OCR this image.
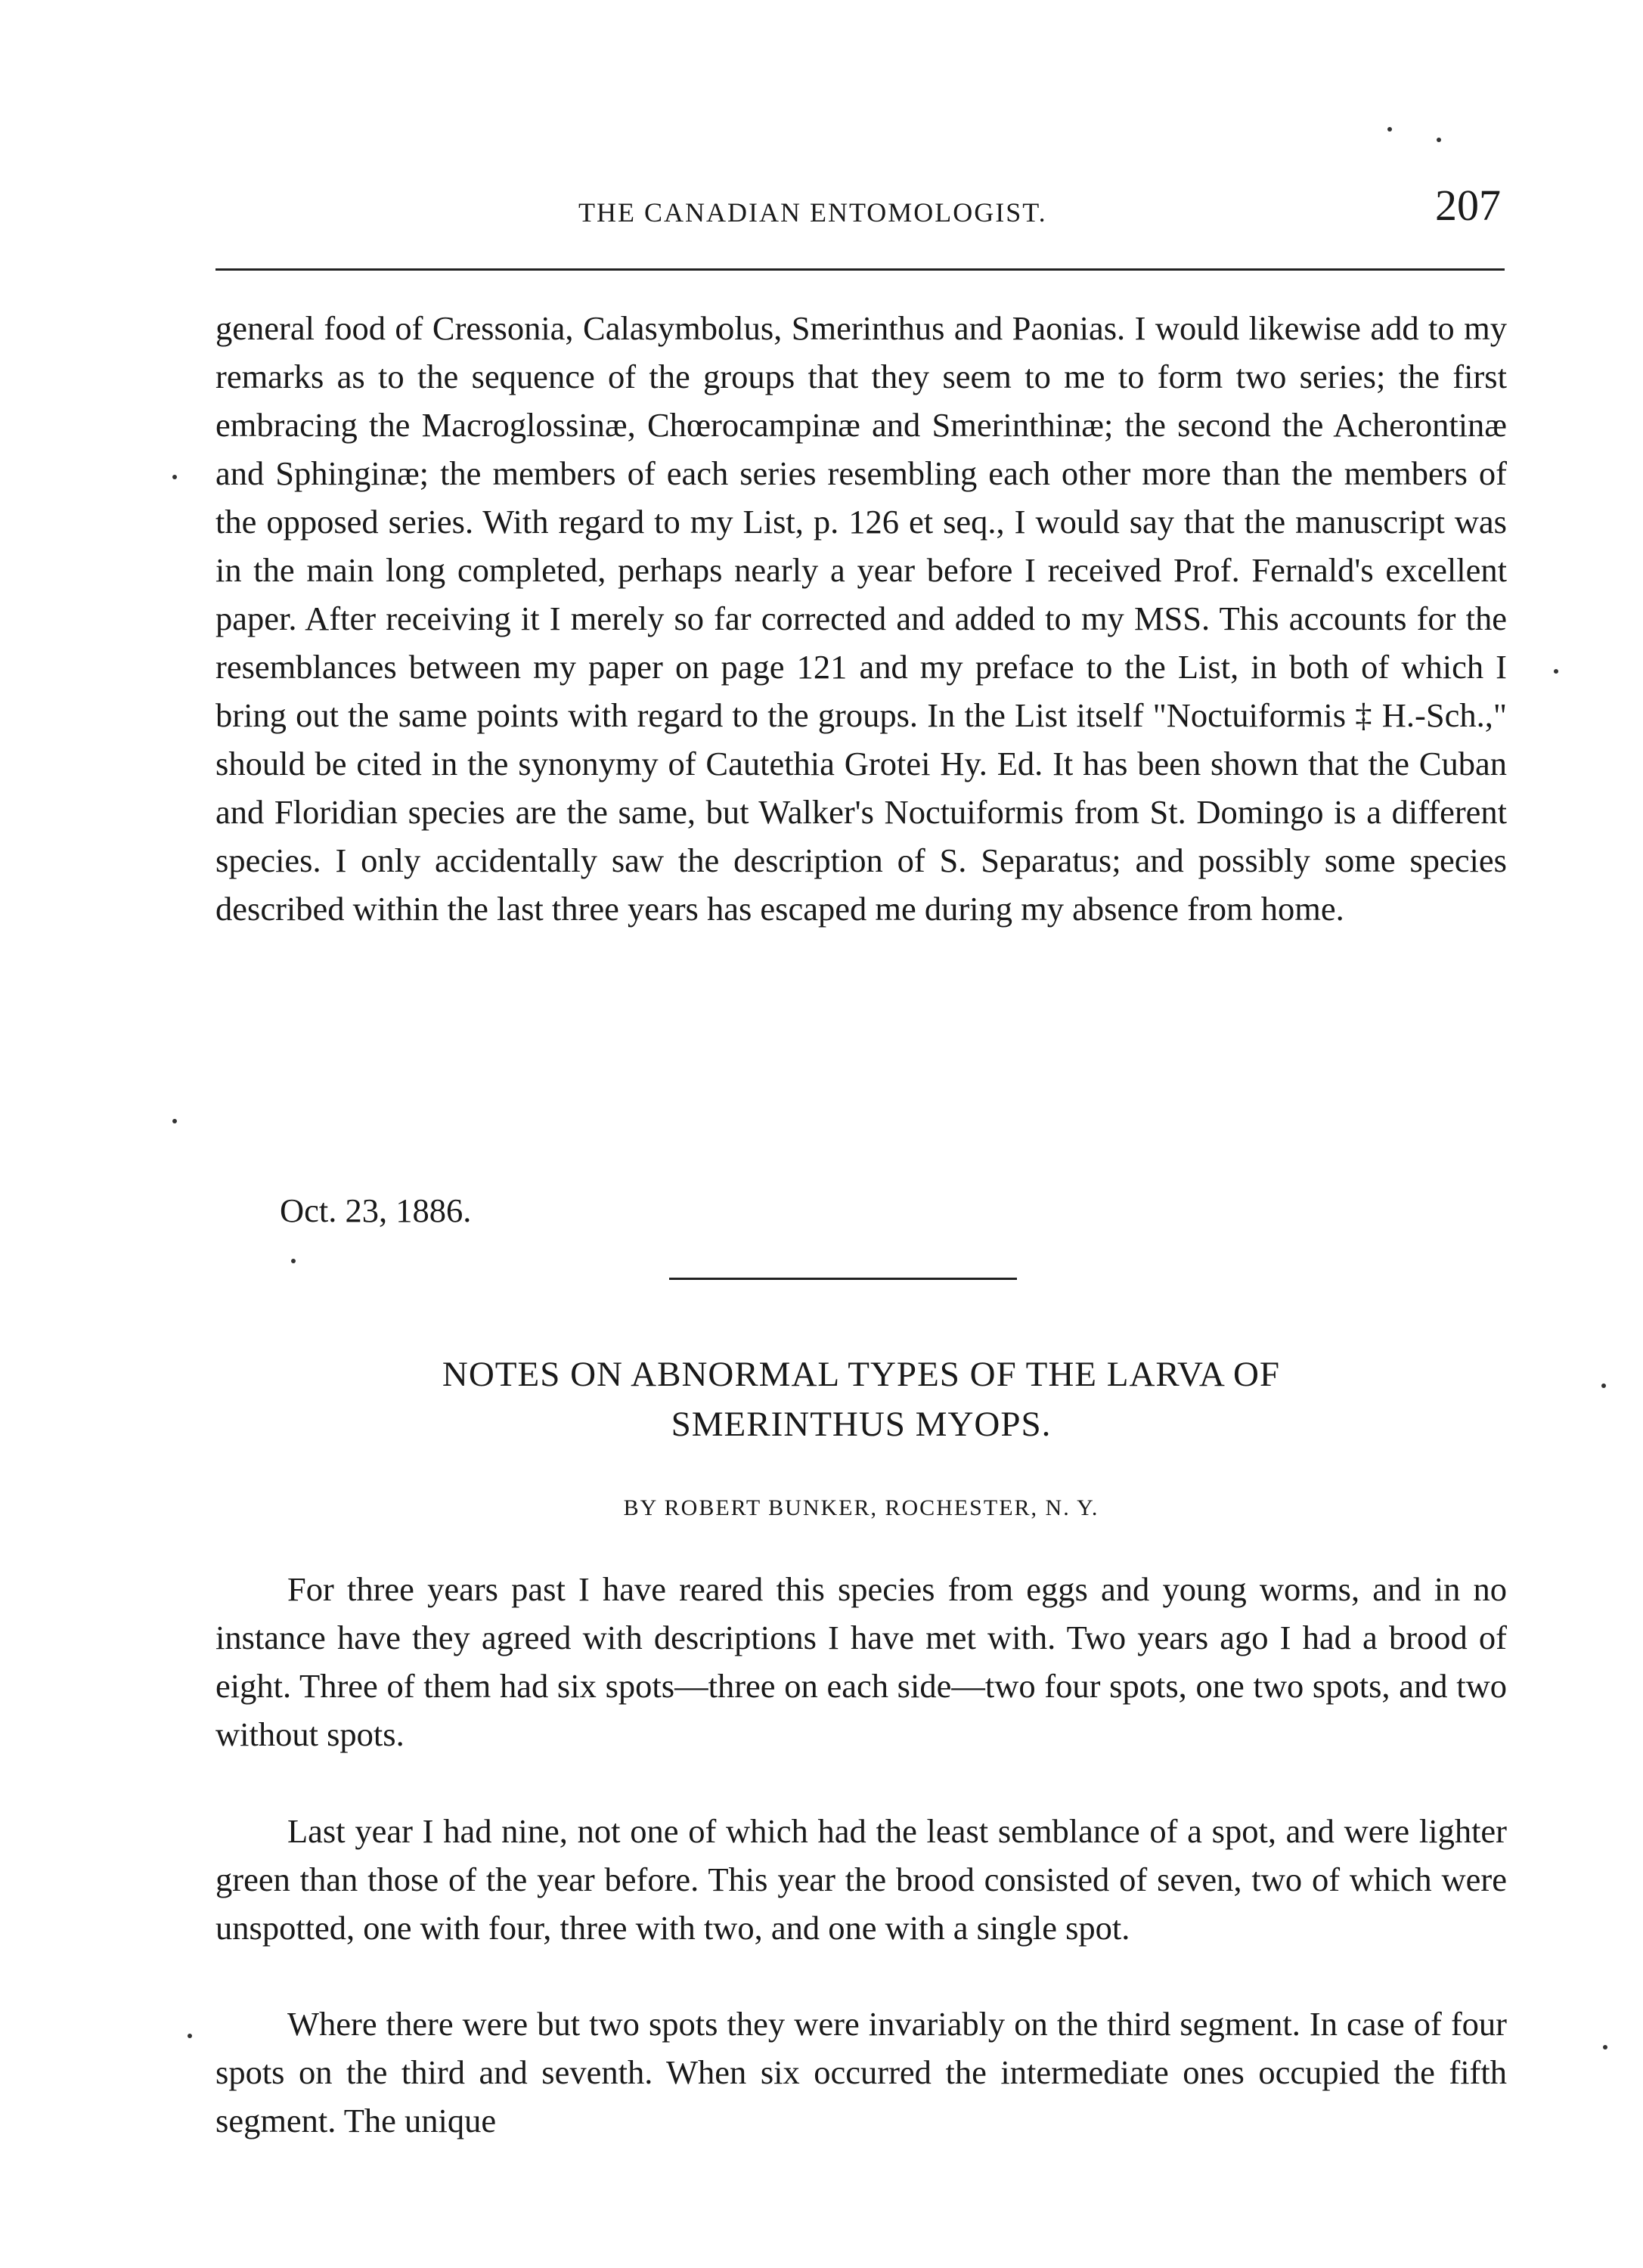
THE CANADIAN ENTOMOLOGIST.	207

general food of Cressonia, Calasymbolus, Smerinthus and Paonias. I would likewise add to my remarks as to the sequence of the groups that they seem to me to form two series; the first embracing the Macroglossinæ, Chœrocampinæ and Smerinthinæ; the second the Acherontinæ and Sphinginæ; the members of each series resembling each other more than the members of the opposed series. With regard to my List, p. 126 et seq., I would say that the manuscript was in the main long completed, perhaps nearly a year before I received Prof. Fernald's excellent paper. After receiving it I merely so far corrected and added to my MSS. This accounts for the resemblances between my paper on page 121 and my preface to the List, in both of which I bring out the same points with regard to the groups. In the List itself "Noctuiformis ‡ H.-Sch.," should be cited in the synonymy of Cautethia Grotei Hy. Ed. It has been shown that the Cuban and Floridian species are the same, but Walker's Noctuiformis from St. Domingo is a different species. I only accidentally saw the description of S. Separatus; and possibly some species described within the last three years has escaped me during my absence from home.

Oct. 23, 1886.
NOTES ON ABNORMAL TYPES OF THE LARVA OF
SMERINTHUS MYOPS.
BY ROBERT BUNKER, ROCHESTER, N. Y.

For three years past I have reared this species from eggs and young worms, and in no instance have they agreed with descriptions I have met with. Two years ago I had a brood of eight. Three of them had six spots—three on each side—two four spots, one two spots, and two without spots.

Last year I had nine, not one of which had the least semblance of a spot, and were lighter green than those of the year before. This year the brood consisted of seven, two of which were unspotted, one with four, three with two, and one with a single spot.

Where there were but two spots they were invariably on the third segment. In case of four spots on the third and seventh. When six occurred the intermediate ones occupied the fifth segment. The unique
